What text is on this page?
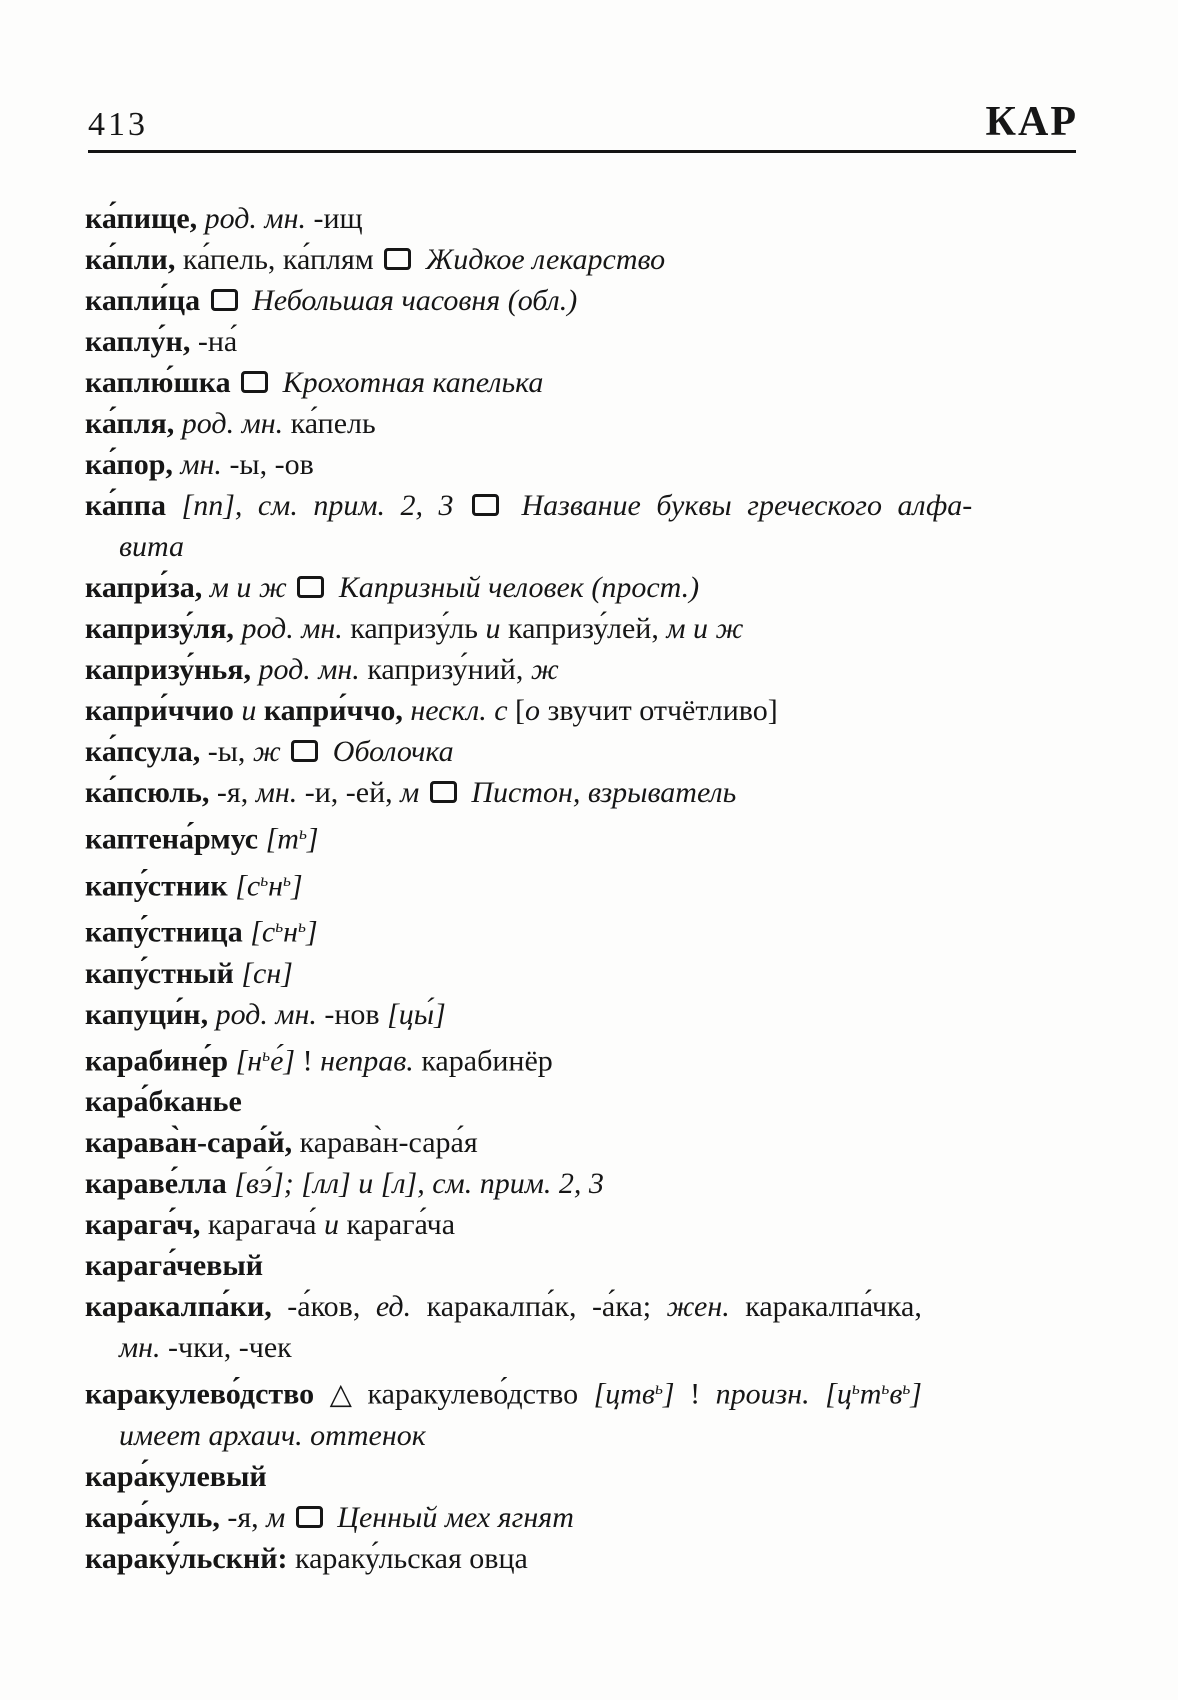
413	КАР
ка́пище, род. мн. -ищ
ка́пли, ка́пель, ка́плям  Жидкое лекарство
капли́ца  Небольшая часовня (обл.)
каплу́н, -на́
каплю́шка  Крохотная капелька
ка́пля, род. мн. ка́пель
ка́пор, мн. -ы, -ов
ка́ппа [пп], см. прим. 2, 3  Название буквы греческого алфа-
вита
капри́за, м и ж  Капризный человек (прост.)
капризу́ля, род. мн. капризу́ль и капризу́лей, м и ж
капризу́нья, род. мн. капризу́ний, ж
капри́ччио и капри́ччо, нескл. с [о звучит отчётливо]
ка́псула, -ы, ж  Оболочка
ка́псюль, -я, мн. -и, -ей, м  Пистон, взрыватель
каптена́рмус $[т^ь]$
капу́стник $[с^ьн^ь]$
капу́стница $[с^ьн^ь]$
капу́стный [сн]
капуци́н, род. мн. -нов [цы́]
карабине́р $[н^ье́]$ ! неправ. карабинёр
кара́бканье
карава̀н-сара́й, карава̀н-сара́я
караве́лла [вэ́]; [лл] и [л], см. прим. 2, 3
карага́ч, карагача́ и карага́ча
карага́чевый
каракалпа́ки, -а́ков, ед. каракалпа́к, -а́ка; жен. каракалпа́чка,
мн. -чки, -чек
каракулево́дство △ каракулево́дство [цтв$^ь$] ! произн. $[ц^ьт^ьв^ь]$
имеет архаич. оттенок
кара́кулевый
кара́куль, -я, м  Ценный мех ягнят
караку́льскнй: караку́льская овца
